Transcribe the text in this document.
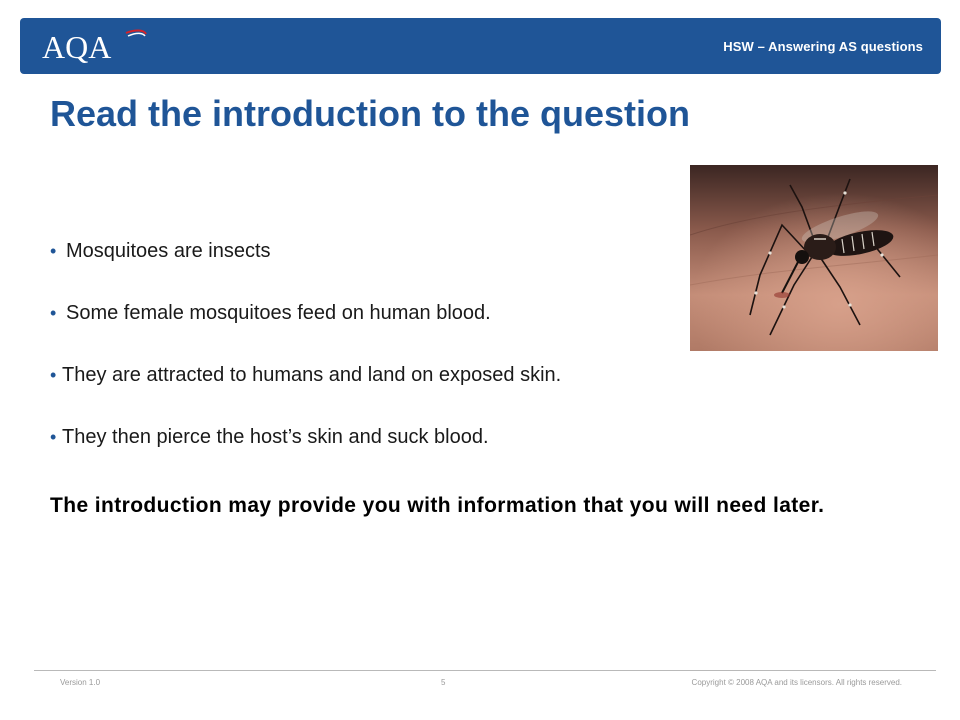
AQA	HSW – Answering AS questions
Read the introduction to the question
• Mosquitoes are insects
• Some female mosquitoes feed on human blood.
• They are attracted to humans and land on exposed skin.
• They then pierce the host’s skin and suck blood.

The introduction may provide you with information that you will need later.

Version 1.0	5	Copyright © 2008 AQA and its licensors. All rights reserved.
